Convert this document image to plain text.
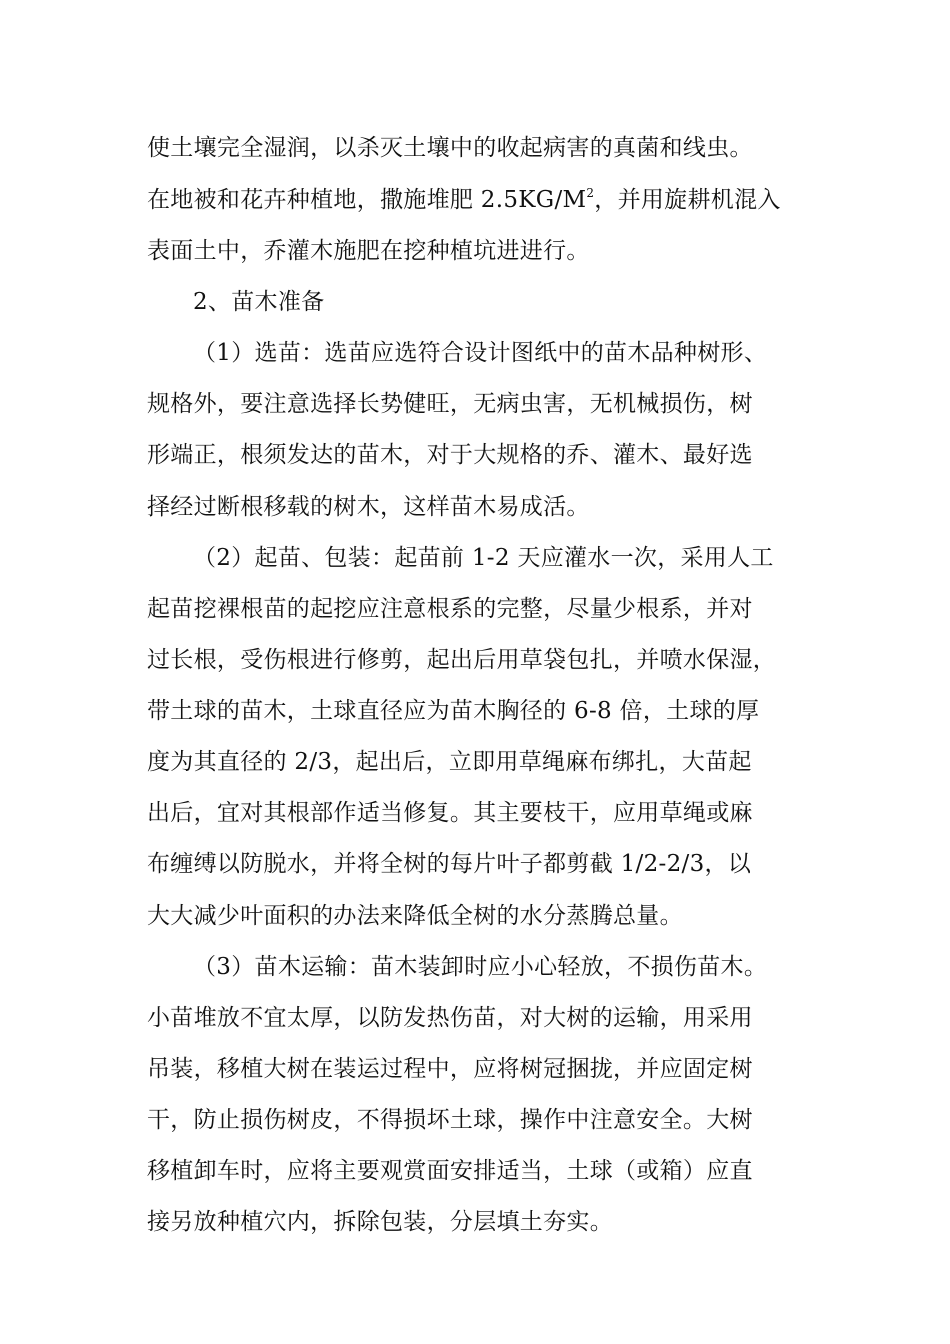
使土壤完全湿润，以杀灭土壤中的收起病害的真菌和线虫。
在地被和花卉种植地，撒施堆肥 $2.5KG/M^2$，并用旋耕机混入
表面土中，乔灌木施肥在挖种植坑进进行。
2、苗木准备
（1）选苗：选苗应选符合设计图纸中的苗木品种树形、
规格外，要注意选择长势健旺，无病虫害，无机械损伤，树
形端正，根须发达的苗木，对于大规格的乔、灌木、最好选
择经过断根移载的树木，这样苗木易成活。
（2）起苗、包装：起苗前 1-2 天应灌水一次，采用人工
起苗挖裸根苗的起挖应注意根系的完整，尽量少根系，并对
过长根，受伤根进行修剪，起出后用草袋包扎，并喷水保湿，
带土球的苗木，土球直径应为苗木胸径的 6-8 倍，土球的厚
度为其直径的 2/3，起出后，立即用草绳麻布绑扎，大苗起
出后，宜对其根部作适当修复。其主要枝干，应用草绳或麻
布缠缚以防脱水，并将全树的每片叶子都剪截 1/2-2/3，以
大大减少叶面积的办法来降低全树的水分蒸腾总量。
（3）苗木运输：苗木装卸时应小心轻放，不损伤苗木。
小苗堆放不宜太厚，以防发热伤苗，对大树的运输，用采用
吊装，移植大树在装运过程中，应将树冠捆拢，并应固定树
干，防止损伤树皮，不得损坏土球，操作中注意安全。大树
移植卸车时，应将主要观赏面安排适当，土球（或箱）应直
接另放种植穴内，拆除包装，分层填土夯实。
